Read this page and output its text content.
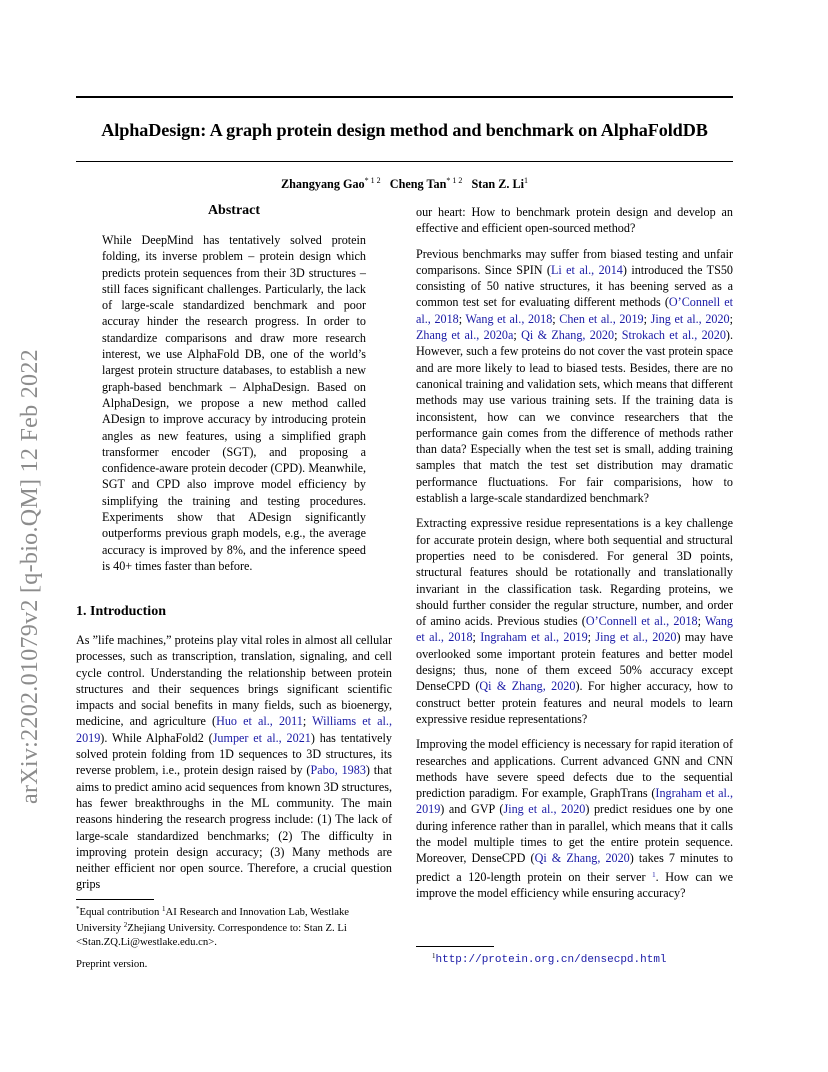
arXiv:2202.01079v2 [q-bio.QM] 12 Feb 2022
AlphaDesign: A graph protein design method and benchmark on AlphaFoldDB
Zhangyang Gao$^{* 1 2}$ Cheng Tan$^{* 1 2}$ Stan Z. Li$^1$
Abstract
While DeepMind has tentatively solved protein folding, its inverse problem – protein design which predicts protein sequences from their 3D structures – still faces significant challenges. Particularly, the lack of large-scale standardized benchmark and poor accuray hinder the research progress. In order to standardize comparisons and draw more research interest, we use AlphaFold DB, one of the world’s largest protein structure databases, to establish a new graph-based benchmark – AlphaDesign. Based on AlphaDesign, we propose a new method called ADesign to improve accuracy by introducing protein angles as new features, using a simplified graph transformer encoder (SGT), and proposing a confidence-aware protein decoder (CPD). Meanwhile, SGT and CPD also improve model efficiency by simplifying the training and testing procedures. Experiments show that ADesign significantly outperforms previous graph models, e.g., the average accuracy is improved by 8%, and the inference speed is 40+ times faster than before.
1. Introduction
As ”life machines,” proteins play vital roles in almost all cellular processes, such as transcription, translation, signaling, and cell cycle control. Understanding the relationship between protein structures and their sequences brings significant scientific impacts and social benefits in many fields, such as bioenergy, medicine, and agriculture (Huo et al., 2011; Williams et al., 2019). While AlphaFold2 (Jumper et al., 2021) has tentatively solved protein folding from 1D sequences to 3D structures, its reverse problem, i.e., protein design raised by (Pabo, 1983) that aims to predict amino acid sequences from known 3D structures, has fewer breakthroughs in the ML community. The main reasons hindering the research progress include: (1) The lack of large-scale standardized benchmarks; (2) The difficulty in improving protein design accuracy; (3) Many methods are neither efficient nor open source. Therefore, a crucial question grips
*Equal contribution $^1$AI Research and Innovation Lab, Westlake University $^2$Zhejiang University. Correspondence to: Stan Z. Li <Stan.ZQ.Li@westlake.edu.cn>.
Preprint version.

our heart: How to benchmark protein design and develop an effective and efficient open-sourced method?

Previous benchmarks may suffer from biased testing and unfair comparisons. Since SPIN (Li et al., 2014) introduced the TS50 consisting of 50 native structures, it has beening served as a common test set for evaluating different methods (O’Connell et al., 2018; Wang et al., 2018; Chen et al., 2019; Jing et al., 2020; Zhang et al., 2020a; Qi & Zhang, 2020; Strokach et al., 2020). However, such a few proteins do not cover the vast protein space and are more likely to lead to biased tests. Besides, there are no canonical training and validation sets, which means that different methods may use various training sets. If the training data is inconsistent, how can we convince researchers that the performance gain comes from the difference of methods rather than data? Especially when the test set is small, adding training samples that match the test set distribution may dramatic performance fluctuations. For fair comparisions, how to establish a large-scale standardized benchmark?

Extracting expressive residue representations is a key challenge for accurate protein design, where both sequential and structural properties need to be conisdered. For general 3D points, structural features should be rotationally and translationally invariant in the classification task. Regarding proteins, we should further consider the regular structure, number, and order of amino acids. Previous studies (O’Connell et al., 2018; Wang et al., 2018; Ingraham et al., 2019; Jing et al., 2020) may have overlooked some important protein features and better model designs; thus, none of them exceed 50% accuracy except DenseCPD (Qi & Zhang, 2020). For higher accuracy, how to construct better protein features and neural models to learn expressive residue representations?

Improving the model efficiency is necessary for rapid iteration of researches and applications. Current advanced GNN and CNN methods have severe speed defects due to the sequential prediction paradigm. For example, GraphTrans (Ingraham et al., 2019) and GVP (Jing et al., 2020) predict residues one by one during inference rather than in parallel, which means that it calls the model multiple times to get the entire protein sequence. Moreover, DenseCPD (Qi & Zhang, 2020) takes 7 minutes to predict a 120-length protein on their server $^1$. How can we improve the model efficiency while ensuring accuracy?

$^1$http://protein.org.cn/densecpd.html
